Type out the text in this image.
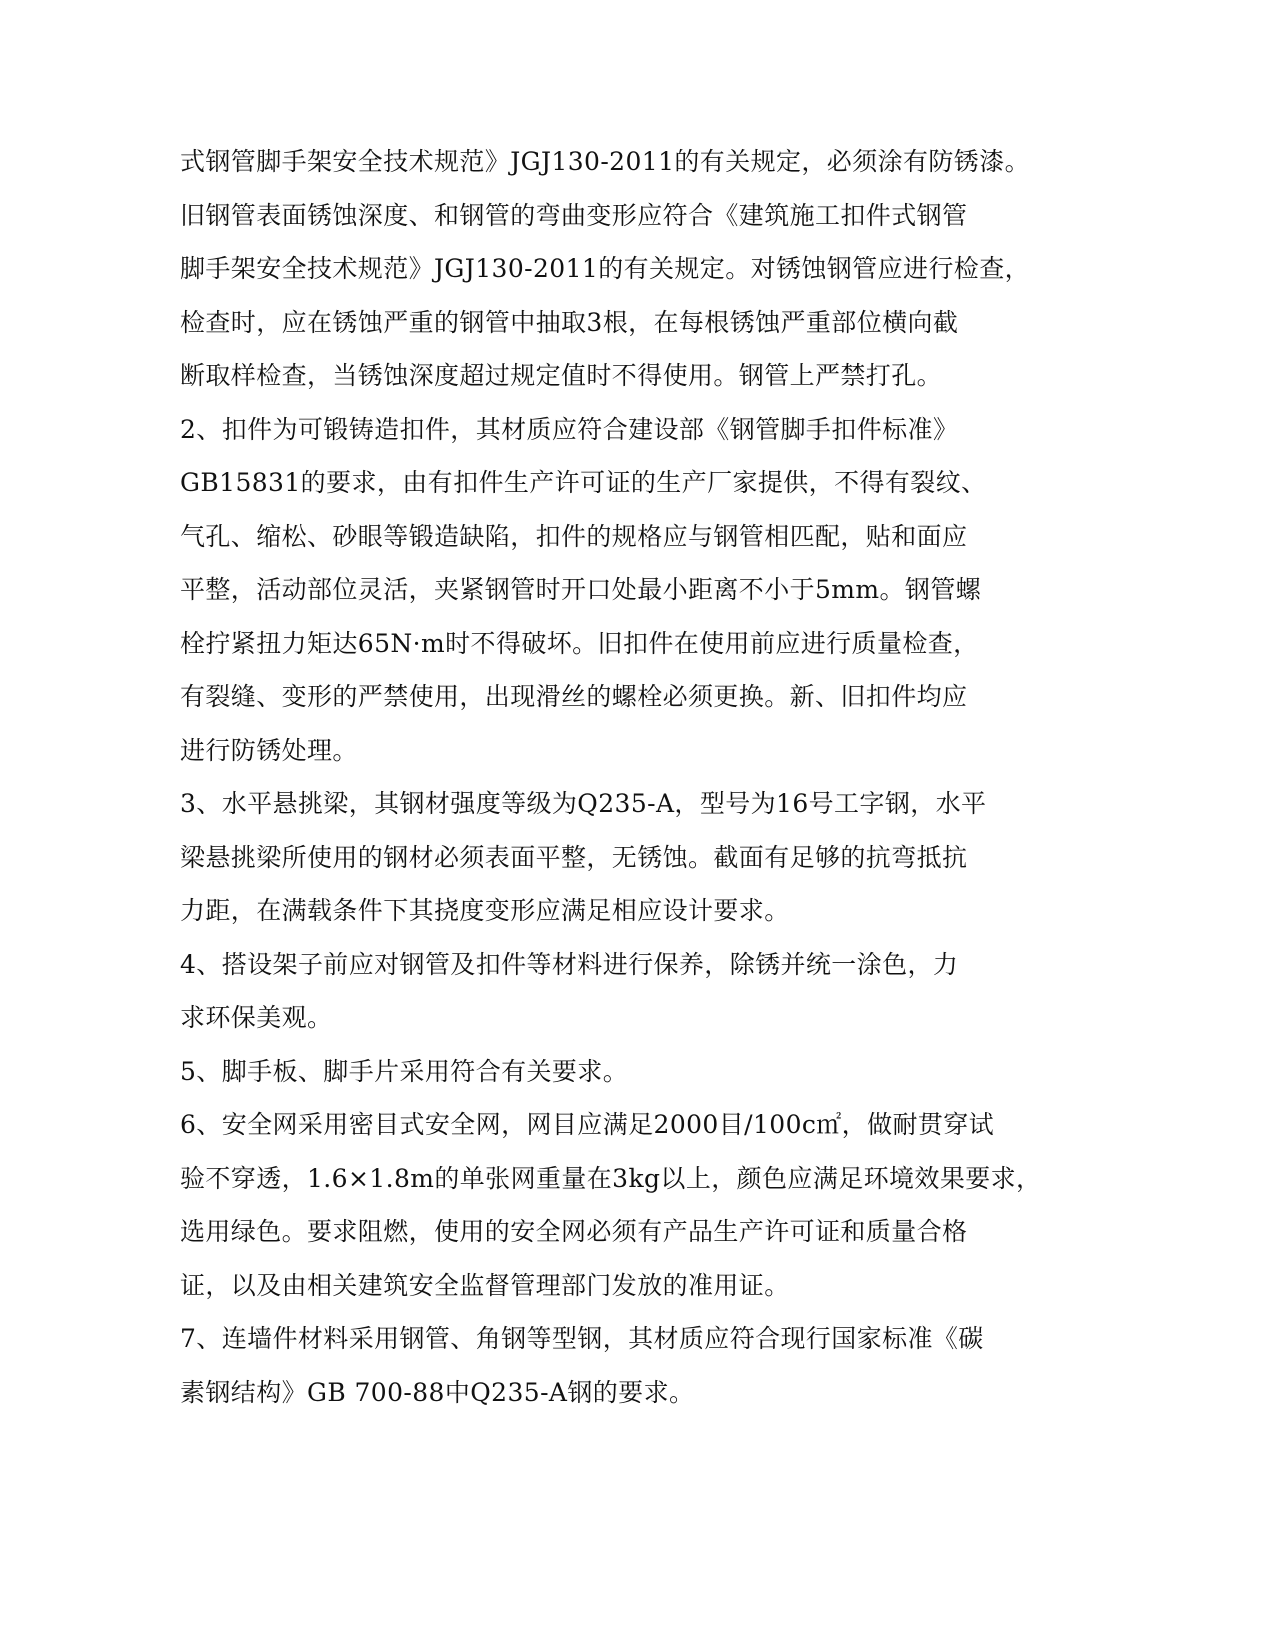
式钢管脚手架安全技术规范》JGJ130-2011的有关规定，必须涂有防锈漆。
旧钢管表面锈蚀深度、和钢管的弯曲变形应符合《建筑施工扣件式钢管
脚手架安全技术规范》JGJ130-2011的有关规定。对锈蚀钢管应进行检查，
检查时，应在锈蚀严重的钢管中抽取3根，在每根锈蚀严重部位横向截
断取样检查，当锈蚀深度超过规定值时不得使用。钢管上严禁打孔。
2、扣件为可锻铸造扣件，其材质应符合建设部《钢管脚手扣件标准》
GB15831的要求，由有扣件生产许可证的生产厂家提供，不得有裂纹、
气孔、缩松、砂眼等锻造缺陷，扣件的规格应与钢管相匹配，贴和面应
平整，活动部位灵活，夹紧钢管时开口处最小距离不小于5mm。钢管螺
栓拧紧扭力矩达65N·m时不得破坏。旧扣件在使用前应进行质量检查，
有裂缝、变形的严禁使用，出现滑丝的螺栓必须更换。新、旧扣件均应
进行防锈处理。
3、水平悬挑梁，其钢材强度等级为Q235-A，型号为16号工字钢，水平
梁悬挑梁所使用的钢材必须表面平整，无锈蚀。截面有足够的抗弯抵抗
力距，在满载条件下其挠度变形应满足相应设计要求。
4、搭设架子前应对钢管及扣件等材料进行保养，除锈并统一涂色，力
求环保美观。
5、脚手板、脚手片采用符合有关要求。
6、安全网采用密目式安全网，网目应满足2000目/100c㎡，做耐贯穿试
验不穿透，1.6×1.8m的单张网重量在3kg以上，颜色应满足环境效果要求，
选用绿色。要求阻燃，使用的安全网必须有产品生产许可证和质量合格
证，以及由相关建筑安全监督管理部门发放的准用证。
7、连墙件材料采用钢管、角钢等型钢，其材质应符合现行国家标准《碳
素钢结构》GB 700-88中Q235-A钢的要求。
